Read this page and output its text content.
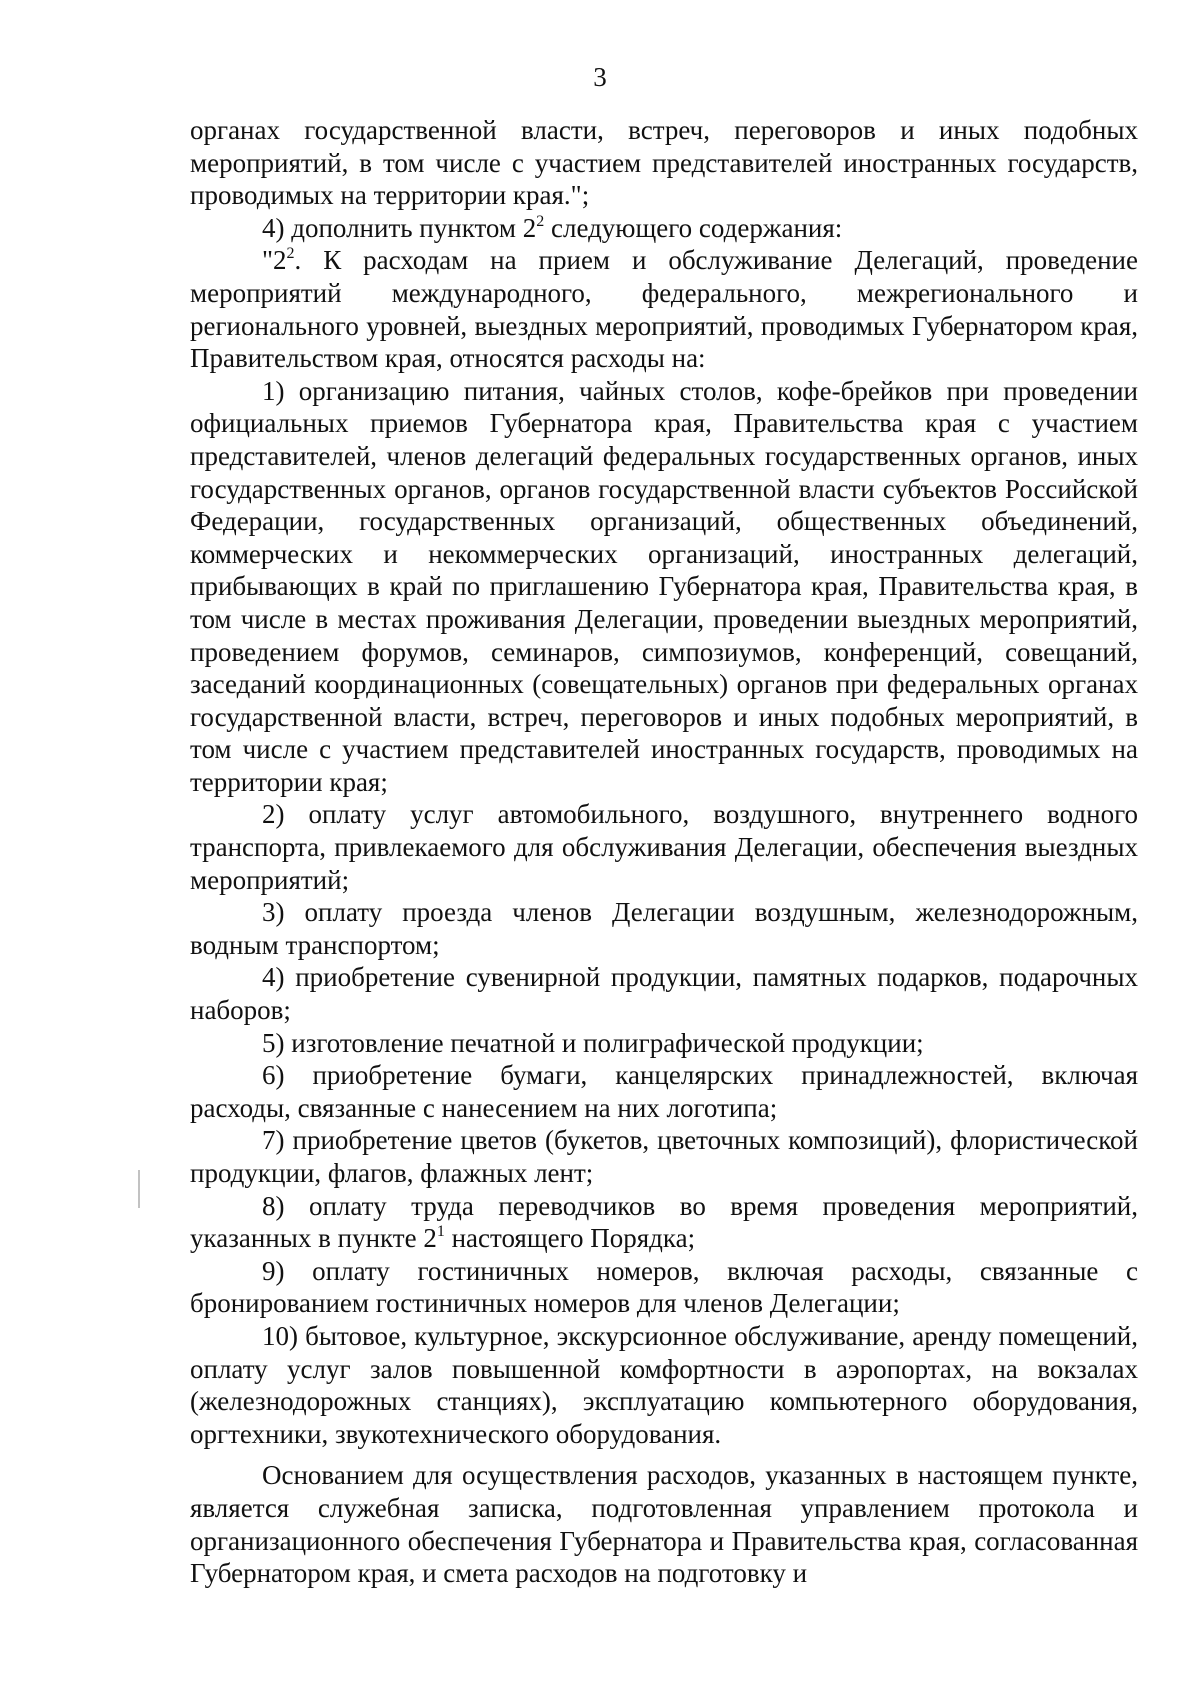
3

органах государственной власти, встреч, переговоров и иных подобных мероприятий, в том числе с участием представителей иностранных государств, проводимых на территории края.";

4) дополнить пунктом $2^2$ следующего содержания:

"$2^2$. К расходам на прием и обслуживание Делегаций, проведение мероприятий международного, федерального, межрегионального и регионального уровней, выездных мероприятий, проводимых Губернатором края, Правительством края, относятся расходы на:

1) организацию питания, чайных столов, кофе-брейков при проведении официальных приемов Губернатора края, Правительства края с участием представителей, членов делегаций федеральных государственных органов, иных государственных органов, органов государственной власти субъектов Российской Федерации, государственных организаций, общественных объединений, коммерческих и некоммерческих организаций, иностранных делегаций, прибывающих в край по приглашению Губернатора края, Правительства края, в том числе в местах проживания Делегации, проведении выездных мероприятий, проведением форумов, семинаров, симпозиумов, конференций, совещаний, заседаний координационных (совещательных) органов при федеральных органах государственной власти, встреч, переговоров и иных подобных мероприятий, в том числе с участием представителей иностранных государств, проводимых на территории края;

2) оплату услуг автомобильного, воздушного, внутреннего водного транспорта, привлекаемого для обслуживания Делегации, обеспечения выездных мероприятий;

3) оплату проезда членов Делегации воздушным, железнодорожным, водным транспортом;

4) приобретение сувенирной продукции, памятных подарков, подарочных наборов;

5) изготовление печатной и полиграфической продукции;

6) приобретение бумаги, канцелярских принадлежностей, включая расходы, связанные с нанесением на них логотипа;

7) приобретение цветов (букетов, цветочных композиций), флористической продукции, флагов, флажных лент;

8) оплату труда переводчиков во время проведения мероприятий, указанных в пункте $2^1$ настоящего Порядка;

9) оплату гостиничных номеров, включая расходы, связанные с бронированием гостиничных номеров для членов Делегации;

10) бытовое, культурное, экскурсионное обслуживание, аренду помещений, оплату услуг залов повышенной комфортности в аэропортах, на вокзалах (железнодорожных станциях), эксплуатацию компьютерного оборудования, оргтехники, звукотехнического оборудования.

Основанием для осуществления расходов, указанных в настоящем пункте, является служебная записка, подготовленная управлением протокола и организационного обеспечения Губернатора и Правительства края, согласованная Губернатором края, и смета расходов на подготовку и
